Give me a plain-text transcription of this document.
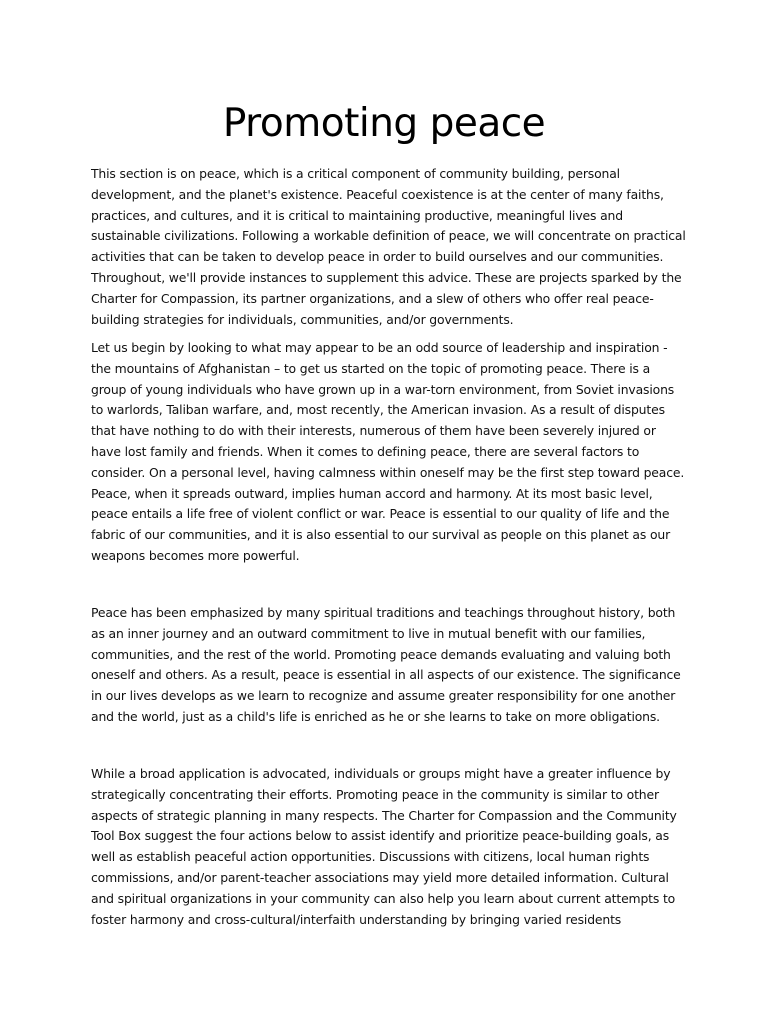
Promoting peace

This section is on peace, which is a critical component of community building, personal development, and the planet's existence. Peaceful coexistence is at the center of many faiths, practices, and cultures, and it is critical to maintaining productive, meaningful lives and sustainable civilizations. Following a workable definition of peace, we will concentrate on practical activities that can be taken to develop peace in order to build ourselves and our communities. Throughout, we'll provide instances to supplement this advice. These are projects sparked by the Charter for Compassion, its partner organizations, and a slew of others who offer real peace-building strategies for individuals, communities, and/or governments.

Let us begin by looking to what may appear to be an odd source of leadership and inspiration - the mountains of Afghanistan – to get us started on the topic of promoting peace. There is a group of young individuals who have grown up in a war-torn environment, from Soviet invasions to warlords, Taliban warfare, and, most recently, the American invasion. As a result of disputes that have nothing to do with their interests, numerous of them have been severely injured or have lost family and friends. When it comes to defining peace, there are several factors to consider. On a personal level, having calmness within oneself may be the first step toward peace. Peace, when it spreads outward, implies human accord and harmony. At its most basic level, peace entails a life free of violent conflict or war. Peace is essential to our quality of life and the fabric of our communities, and it is also essential to our survival as people on this planet as our weapons becomes more powerful.

Peace has been emphasized by many spiritual traditions and teachings throughout history, both as an inner journey and an outward commitment to live in mutual benefit with our families, communities, and the rest of the world. Promoting peace demands evaluating and valuing both oneself and others. As a result, peace is essential in all aspects of our existence. The significance in our lives develops as we learn to recognize and assume greater responsibility for one another and the world, just as a child's life is enriched as he or she learns to take on more obligations.

While a broad application is advocated, individuals or groups might have a greater influence by strategically concentrating their efforts. Promoting peace in the community is similar to other aspects of strategic planning in many respects. The Charter for Compassion and the Community Tool Box suggest the four actions below to assist identify and prioritize peace-building goals, as well as establish peaceful action opportunities. Discussions with citizens, local human rights commissions, and/or parent-teacher associations may yield more detailed information. Cultural and spiritual organizations in your community can also help you learn about current attempts to foster harmony and cross-cultural/interfaith understanding by bringing varied residents
